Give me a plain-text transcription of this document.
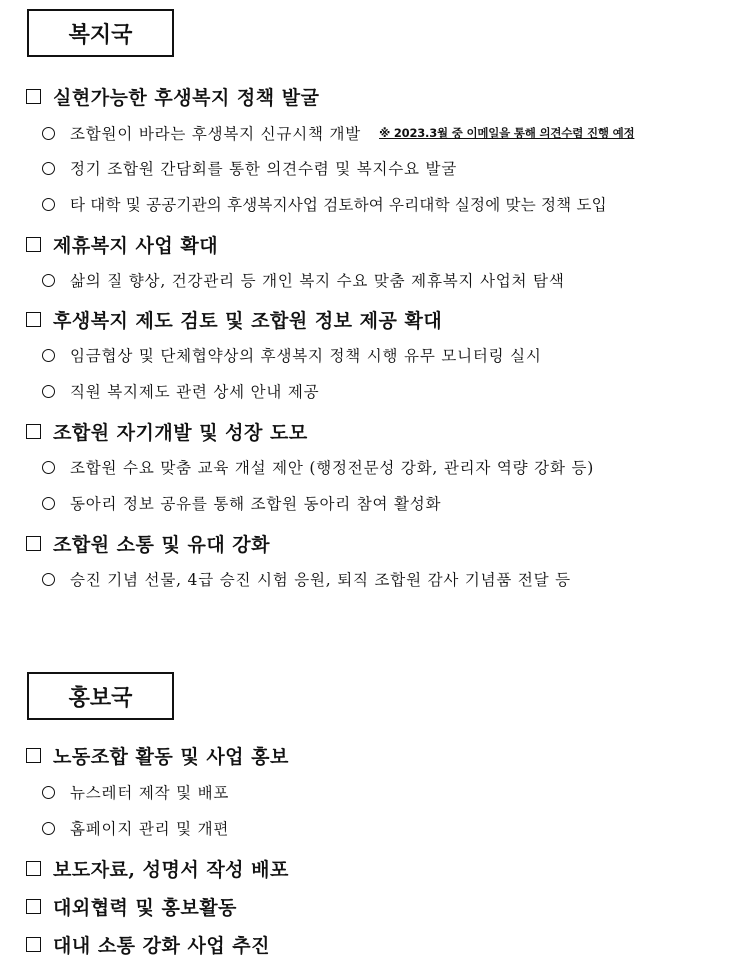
복지국
실현가능한 후생복지 정책 발굴
조합원이 바라는 후생복지 신규시책 개발 ※ 2023.3월 중 이메일을 통해 의견수렴 진행 예정
정기 조합원 간담회를 통한 의견수렴 및 복지수요 발굴
타 대학 및 공공기관의 후생복지사업 검토하여 우리대학 실정에 맞는 정책 도입
제휴복지 사업 확대
삶의 질 향상, 건강관리 등 개인 복지 수요 맞춤 제휴복지 사업처 탐색
후생복지 제도 검토 및 조합원 정보 제공 확대
임금협상 및 단체협약상의 후생복지 정책 시행 유무 모니터링 실시
직원 복지제도 관련 상세 안내 제공
조합원 자기개발 및 성장 도모
조합원 수요 맞춤 교육 개설 제안 (행정전문성 강화, 관리자 역량 강화 등)
동아리 정보 공유를 통해 조합원 동아리 참여 활성화
조합원 소통 및 유대 강화
승진 기념 선물, 4급 승진 시험 응원, 퇴직 조합원 감사 기념품 전달 등
홍보국
노동조합 활동 및 사업 홍보
뉴스레터 제작 및 배포
홈페이지 관리 및 개편
보도자료, 성명서 작성 배포
대외협력 및 홍보활동
대내 소통 강화 사업 추진
